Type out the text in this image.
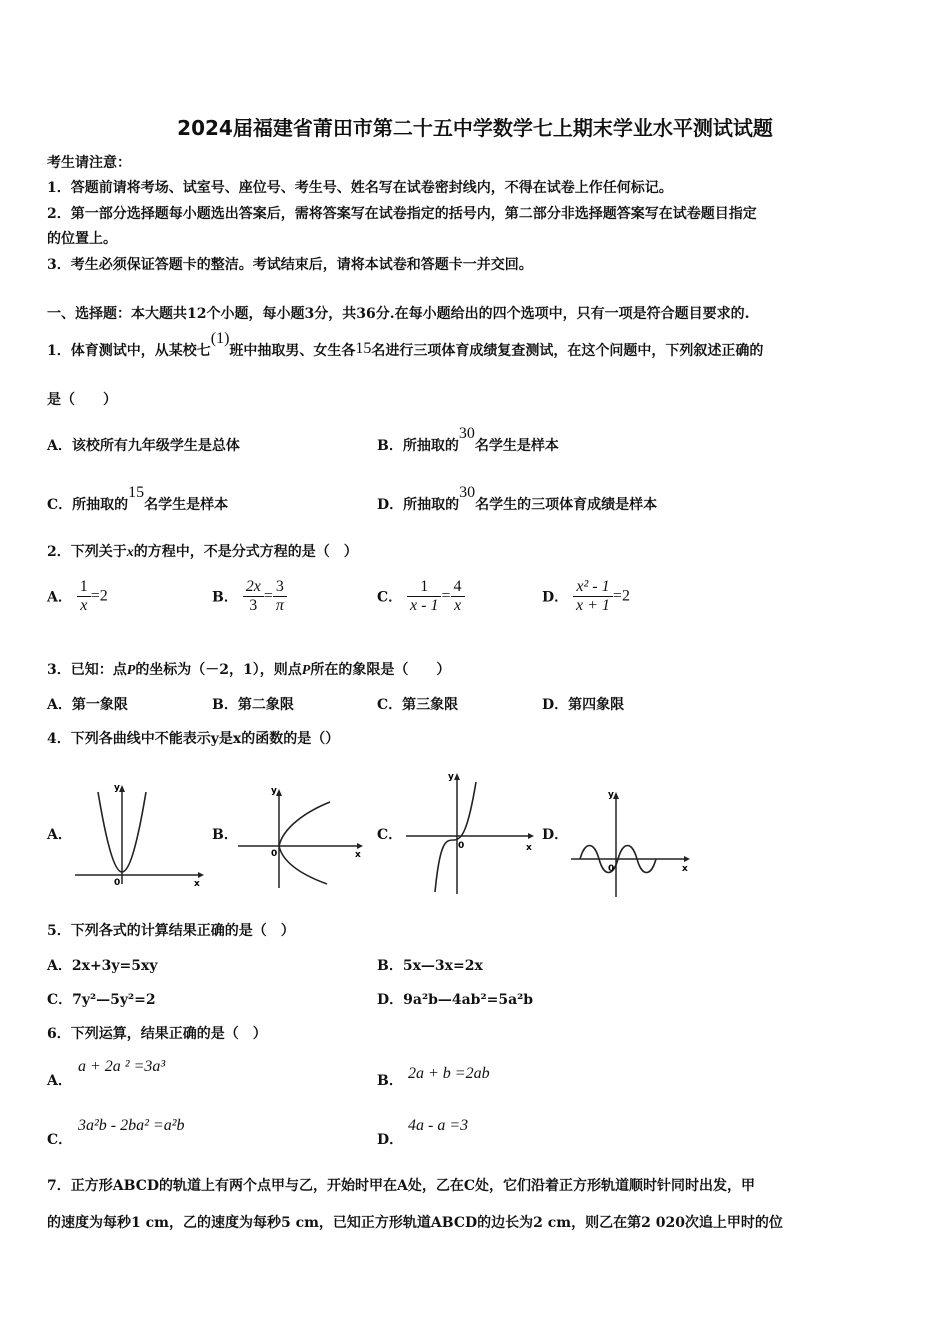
2024届福建省莆田市第二十五中学数学七上期末学业水平测试试题
考生请注意：
1．答题前请将考场、试室号、座位号、考生号、姓名写在试卷密封线内，不得在试卷上作任何标记。
2．第一部分选择题每小题选出答案后，需将答案写在试卷指定的括号内，第二部分非选择题答案写在试卷题目指定
的位置上。
3．考生必须保证答题卡的整洁。考试结束后，请将本试卷和答题卡一并交回。
一、选择题：本大题共12个小题，每小题3分，共36分.在每小题给出的四个选项中，只有一项是符合题目要求的.
1．体育测试中，从某校七(1)班中抽取男、女生各15名进行三项体育成绩复查测试，在这个问题中，下列叙述正确的
是（　　）
A．该校所有九年级学生是总体	B．所抽取的30名学生是样本
C．所抽取的15名学生是样本	D．所抽取的30名学生的三项体育成绩是样本
2．下列关于x的方程中，不是分式方程的是（　）
A． $\frac{1}{x} =2$	B． $\frac{2x}{3} = \frac{3}{\pi}$	C． $\frac{1}{x - 1} = \frac{4}{x}$	D． $\frac{\text{x² - 1}}{x + 1} =2$
3．已知：点P的坐标为（－2，1），则点P所在的象限是（　　）
A．第一象限	B．第二象限	C．第三象限	D．第四象限
4．下列各曲线中不能表示y是x的函数的是（）
A．
y
x
0
B．
y
x
0
C．
y
x
0
D．
y
x
0
5．下列各式的计算结果正确的是（　）
A．2x+3y=5xy	B．5x—3x=2x
C．7y²—5y²=2	D．9a²b—4ab²=5a²b
6．下列运算，结果正确的是（　）
A．
a + 2a ² =3a³
B． 2a + b =2ab
C．
3a²b - 2ba² =a²b
D．
4a - a =3
7．正方形ABCD的轨道上有两个点甲与乙，开始时甲在A处，乙在C处，它们沿着正方形轨道顺时针同时出发，甲
的速度为每秒1 cm，乙的速度为每秒5 cm，已知正方形轨道ABCD的边长为2 cm，则乙在第2 020次追上甲时的位
